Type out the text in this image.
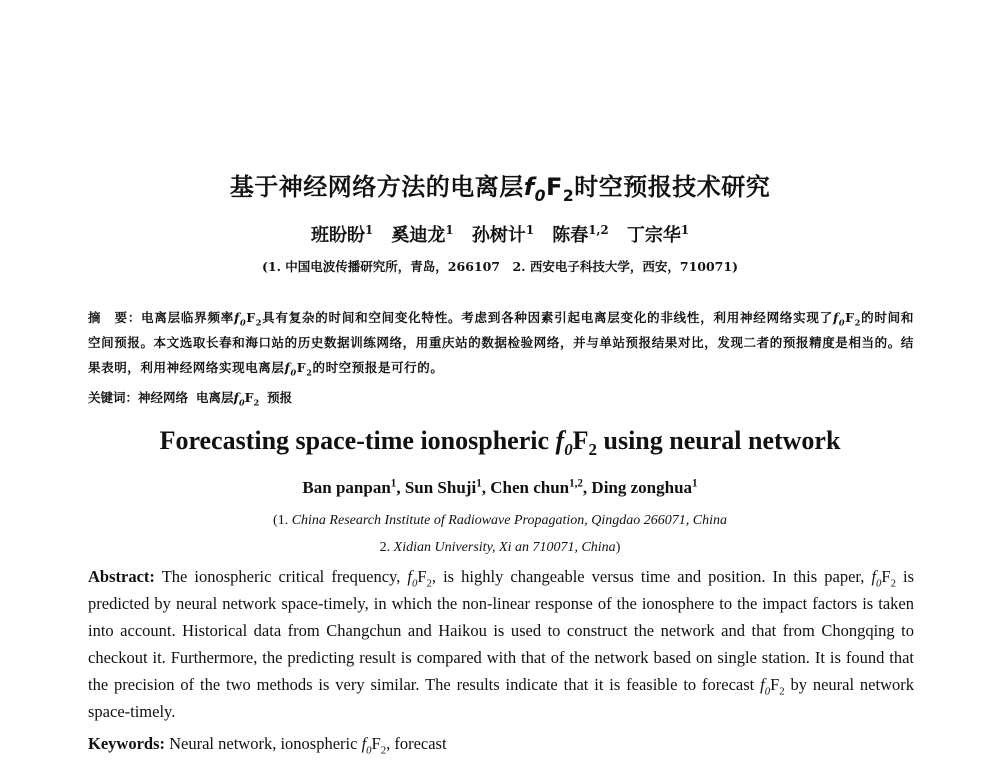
基于神经网络方法的电离层$f_0F_2$时空预报技术研究
班盼盼$^1$ 奚迪龙$^1$ 孙树计$^1$ 陈春$^{1,2}$ 丁宗华$^1$
(1. 中国电波传播研究所，青岛，266107　2. 西安电子科技大学，西安，710071)
摘　要：电离层临界频率$f_0F_2$具有复杂的时间和空间变化特性。考虑到各种因素引起电离层变化的非线性，利用神经网络实现了$f_0F_2$的时间和空间预报。本文选取长春和海口站的历史数据训练网络，用重庆站的数据检验网络，并与单站预报结果对比，发现二者的预报精度是相当的。结果表明，利用神经网络实现电离层$f_0F_2$的时空预报是可行的。
关键词：神经网络 电离层$f_0F_2$ 预报
Forecasting space-time ionospheric $f_0F_2$ using neural network
Ban panpan$^1$, Sun Shuji$^1$, Chen chun$^{1,2}$, Ding zonghua$^1$
(1. China Research Institute of Radiowave Propagation, Qingdao 266071, China
2. Xidian University, Xi an 710071, China)
Abstract: The ionospheric critical frequency, $f_0F_2$, is highly changeable versus time and position. In this paper, $f_0F_2$ is predicted by neural network space-timely, in which the non-linear response of the ionosphere to the impact factors is taken into account. Historical data from Changchun and Haikou is used to construct the network and that from Chongqing to checkout it. Furthermore, the predicting result is compared with that of the network based on single station. It is found that the precision of the two methods is very similar. The results indicate that it is feasible to forecast $f_0F_2$ by neural network space-timely.
Keywords: Neural network, ionospheric $f_0F_2$, forecast
